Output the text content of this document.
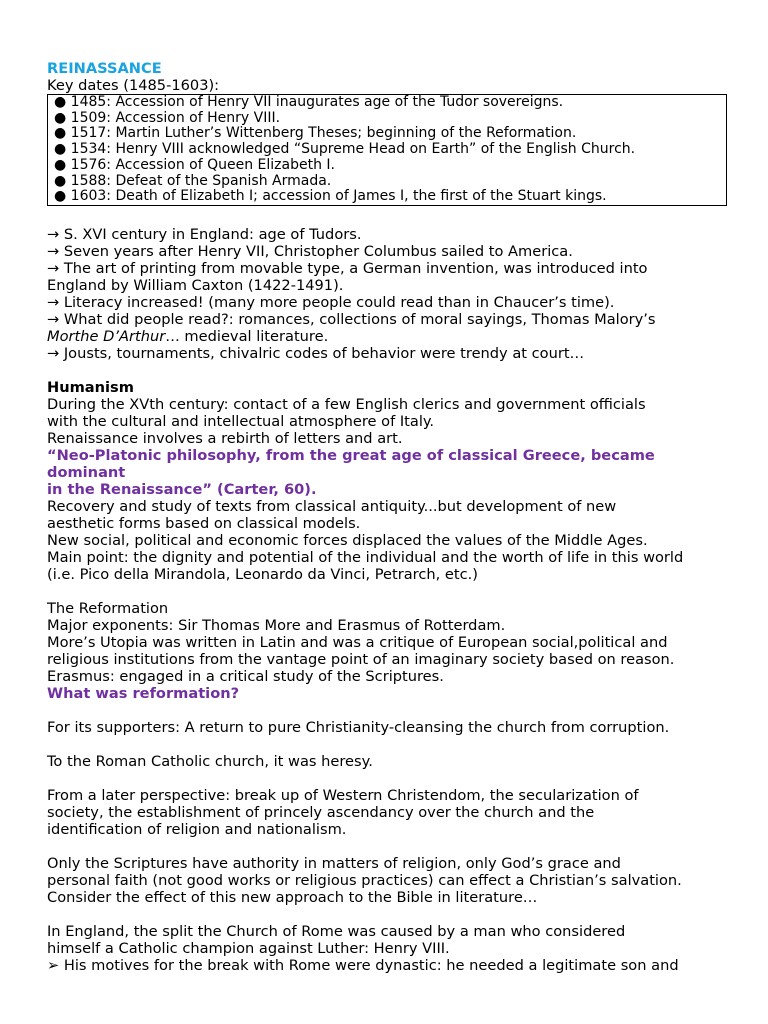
REINASSANCE
Key dates (1485-1603):
● 1485: Accession of Henry VII inaugurates age of the Tudor sovereigns.
● 1509: Accession of Henry VIII.
● 1517: Martin Luther’s Wittenberg Theses; beginning of the Reformation.
● 1534: Henry VIII acknowledged “Supreme Head on Earth” of the English Church.
● 1576: Accession of Queen Elizabeth I.
● 1588: Defeat of the Spanish Armada.
● 1603: Death of Elizabeth I; accession of James I, the first of the Stuart kings.
→ S. XVI century in England: age of Tudors.
→ Seven years after Henry VII, Christopher Columbus sailed to America.
→ The art of printing from movable type, a German invention, was introduced into
England by William Caxton (1422-1491).
→ Literacy increased! (many more people could read than in Chaucer’s time).
→ What did people read?: romances, collections of moral sayings, Thomas Malory’s
Morthe D’Arthur… medieval literature.
→ Jousts, tournaments, chivalric codes of behavior were trendy at court…
Humanism
During the XVth century: contact of a few English clerics and government officials
with the cultural and intellectual atmosphere of Italy.
Renaissance involves a rebirth of letters and art.
“Neo-Platonic philosophy, from the great age of classical Greece, became
dominant
in the Renaissance” (Carter, 60).
Recovery and study of texts from classical antiquity...but development of new
aesthetic forms based on classical models.
New social, political and economic forces displaced the values of the Middle Ages.
Main point: the dignity and potential of the individual and the worth of life in this world
(i.e. Pico della Mirandola, Leonardo da Vinci, Petrarch, etc.)
The Reformation
Major exponents: Sir Thomas More and Erasmus of Rotterdam.
More’s Utopia was written in Latin and was a critique of European social,political and
religious institutions from the vantage point of an imaginary society based on reason.
Erasmus: engaged in a critical study of the Scriptures.
What was reformation?
For its supporters: A return to pure Christianity-cleansing the church from corruption.
To the Roman Catholic church, it was heresy.
From a later perspective: break up of Western Christendom, the secularization of
society, the establishment of princely ascendancy over the church and the
identification of religion and nationalism.
Only the Scriptures have authority in matters of religion, only God’s grace and
personal faith (not good works or religious practices) can effect a Christian’s salvation.
Consider the effect of this new approach to the Bible in literature…
In England, the split the Church of Rome was caused by a man who considered
himself a Catholic champion against Luther: Henry VIII.
➢ His motives for the break with Rome were dynastic: he needed a legitimate son and
